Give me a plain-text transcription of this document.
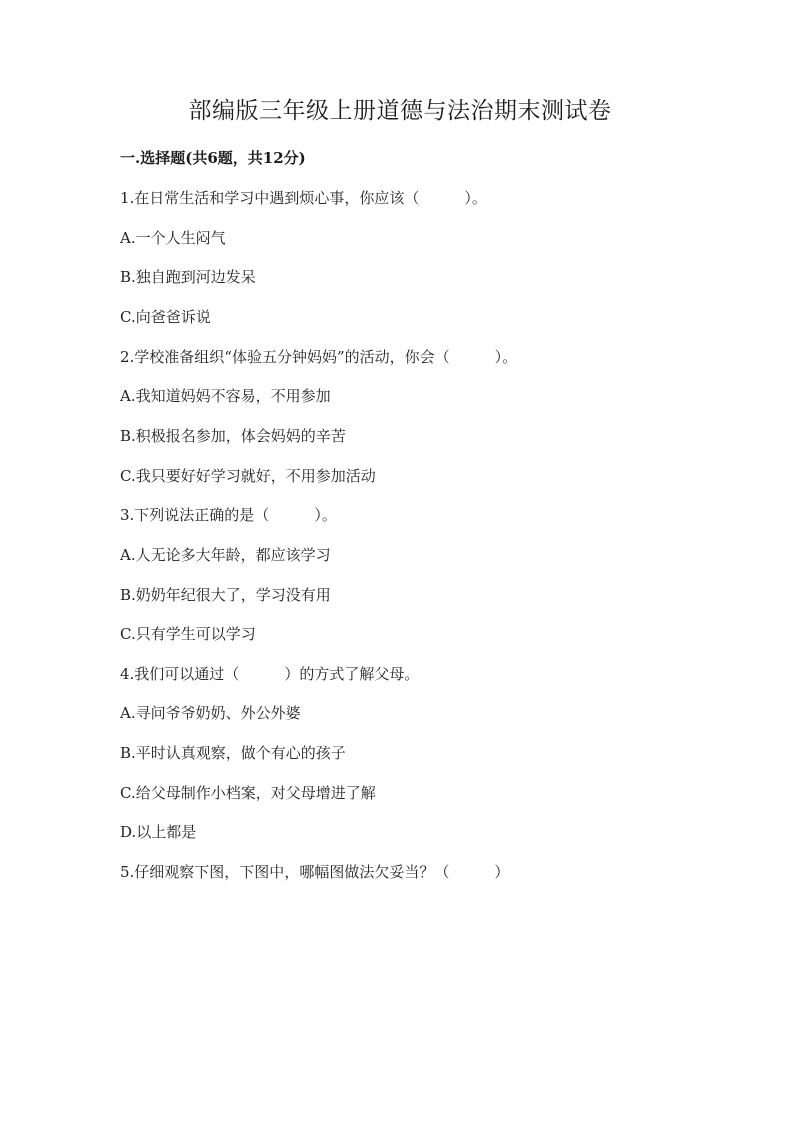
部编版三年级上册道德与法治期末测试卷
一.选择题(共6题，共12分)
1.在日常生活和学习中遇到烦心事，你应该（　　　）。
A.一个人生闷气
B.独自跑到河边发呆
C.向爸爸诉说
2.学校准备组织“体验五分钟妈妈”的活动，你会（　　　）。
A.我知道妈妈不容易，不用参加
B.积极报名参加，体会妈妈的辛苦
C.我只要好好学习就好，不用参加活动
3.下列说法正确的是（　　　）。
A.人无论多大年龄，都应该学习
B.奶奶年纪很大了，学习没有用
C.只有学生可以学习
4.我们可以通过（　　　）的方式了解父母。
A.寻问爷爷奶奶、外公外婆
B.平时认真观察，做个有心的孩子
C.给父母制作小档案，对父母增进了解
D.以上都是
5.仔细观察下图，下图中，哪幅图做法欠妥当？（　　　）
